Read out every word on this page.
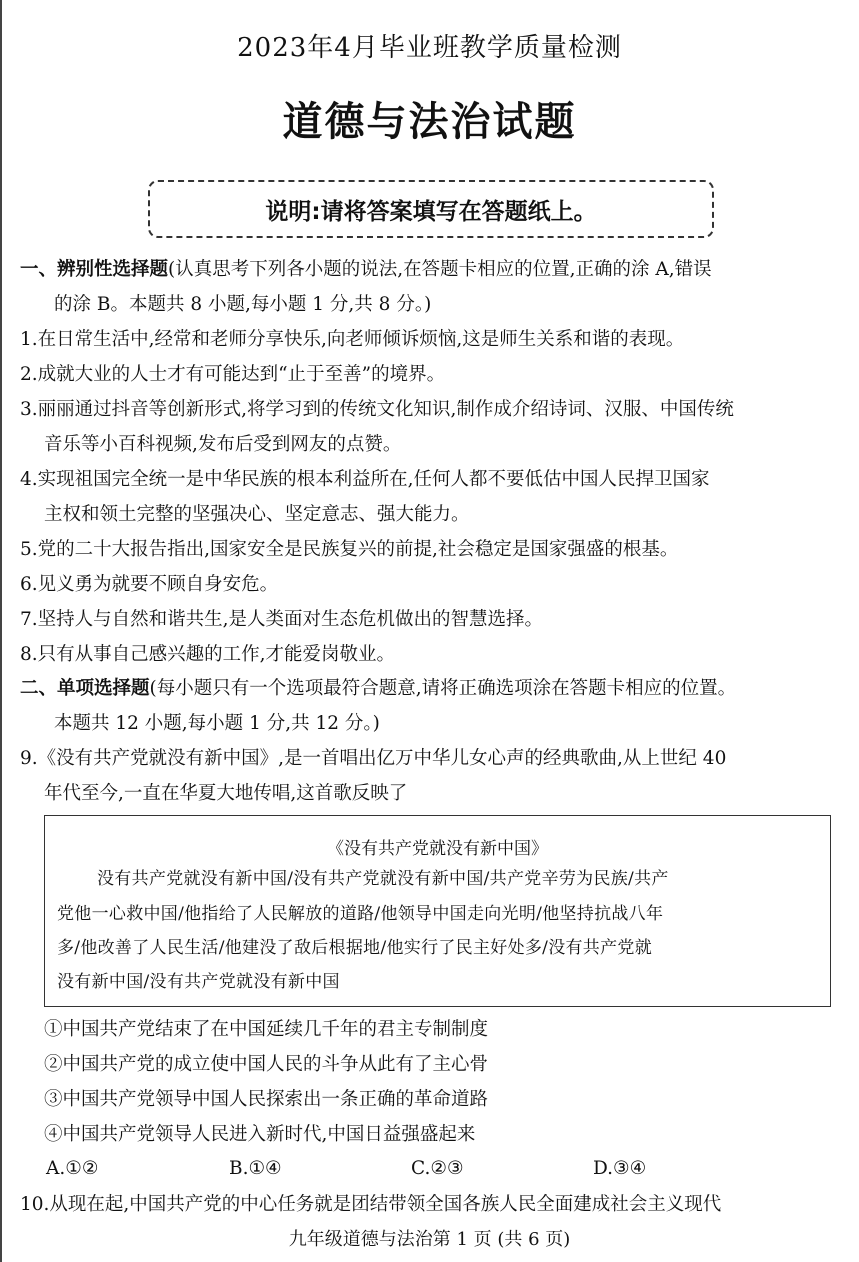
2023年4月毕业班教学质量检测
道德与法治试题
说明:请将答案填写在答题纸上。
一、辨别性选择题(认真思考下列各小题的说法,在答题卡相应的位置,正确的涂 A,错误
的涂 B。本题共 8 小题,每小题 1 分,共 8 分。)
1.在日常生活中,经常和老师分享快乐,向老师倾诉烦恼,这是师生关系和谐的表现。
2.成就大业的人士才有可能达到“止于至善”的境界。
3.丽丽通过抖音等创新形式,将学习到的传统文化知识,制作成介绍诗词、汉服、中国传统
音乐等小百科视频,发布后受到网友的点赞。
4.实现祖国完全统一是中华民族的根本利益所在,任何人都不要低估中国人民捍卫国家
主权和领土完整的坚强决心、坚定意志、强大能力。
5.党的二十大报告指出,国家安全是民族复兴的前提,社会稳定是国家强盛的根基。
6.见义勇为就要不顾自身安危。
7.坚持人与自然和谐共生,是人类面对生态危机做出的智慧选择。
8.只有从事自己感兴趣的工作,才能爱岗敬业。
二、单项选择题(每小题只有一个选项最符合题意,请将正确选项涂在答题卡相应的位置。
本题共 12 小题,每小题 1 分,共 12 分。)
9.《没有共产党就没有新中国》,是一首唱出亿万中华儿女心声的经典歌曲,从上世纪 40
年代至今,一直在华夏大地传唱,这首歌反映了
《没有共产党就没有新中国》
没有共产党就没有新中国/没有共产党就没有新中国/共产党辛劳为民族/共产
党他一心救中国/他指给了人民解放的道路/他领导中国走向光明/他坚持抗战八年
多/他改善了人民生活/他建没了敌后根据地/他实行了民主好处多/没有共产党就
没有新中国/没有共产党就没有新中国
①中国共产党结束了在中国延续几千年的君主专制制度
②中国共产党的成立使中国人民的斗争从此有了主心骨
③中国共产党领导中国人民探索出一条正确的革命道路
④中国共产党领导人民进入新时代,中国日益强盛起来
A.①②	B.①④	C.②③	D.③④
10.从现在起,中国共产党的中心任务就是团结带领全国各族人民全面建成社会主义现代
九年级道德与法治第 1 页 (共 6 页)
